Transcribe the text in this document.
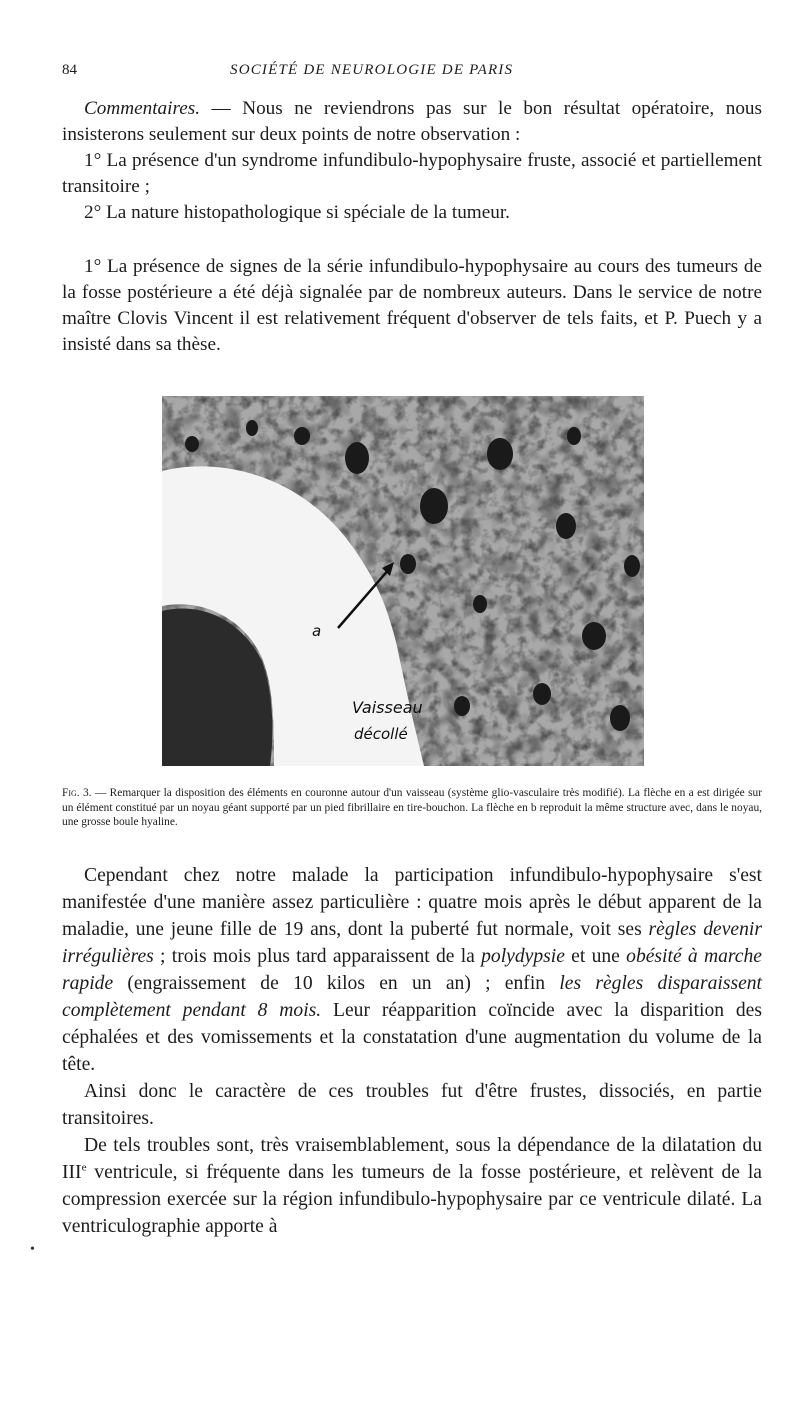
84	SOCIÉTÉ DE NEUROLOGIE DE PARIS
Commentaires. — Nous ne reviendrons pas sur le bon résultat opératoire, nous insisterons seulement sur deux points de notre observation :
1° La présence d'un syndrome infundibulo-hypophysaire fruste, associé et partiellement transitoire ;
2° La nature histopathologique si spéciale de la tumeur.
1° La présence de signes de la série infundibulo-hypophysaire au cours des tumeurs de la fosse postérieure a été déjà signalée par de nombreux auteurs. Dans le service de notre maître Clovis Vincent il est relativement fréquent d'observer de tels faits, et P. Puech y a insisté dans sa thèse.
a
Vaisseau
décollé
Fig. 3. — Remarquer la disposition des éléments en couronne autour d'un vaisseau (système glio-vasculaire très modifié). La flèche en a est dirigée sur un élément constitué par un noyau géant supporté par un pied fibrillaire en tire-bouchon. La flèche en b reproduit la même structure avec, dans le noyau, une grosse boule hyaline.
Cependant chez notre malade la participation infundibulo-hypophysaire s'est manifestée d'une manière assez particulière : quatre mois après le début apparent de la maladie, une jeune fille de 19 ans, dont la puberté fut normale, voit ses règles devenir irrégulières ; trois mois plus tard apparaissent de la polydypsie et une obésité à marche rapide (engraissement de 10 kilos en un an) ; enfin les règles disparaissent complètement pendant 8 mois. Leur réapparition coïncide avec la disparition des céphalées et des vomissements et la constatation d'une augmentation du volume de la tête.
Ainsi donc le caractère de ces troubles fut d'être frustes, dissociés, en partie transitoires.
De tels troubles sont, très vraisemblablement, sous la dépendance de la dilatation du IIIe ventricule, si fréquente dans les tumeurs de la fosse postérieure, et relèvent de la compression exercée sur la région infundibulo-hypophysaire par ce ventricule dilaté. La ventriculographie apporte à
•
